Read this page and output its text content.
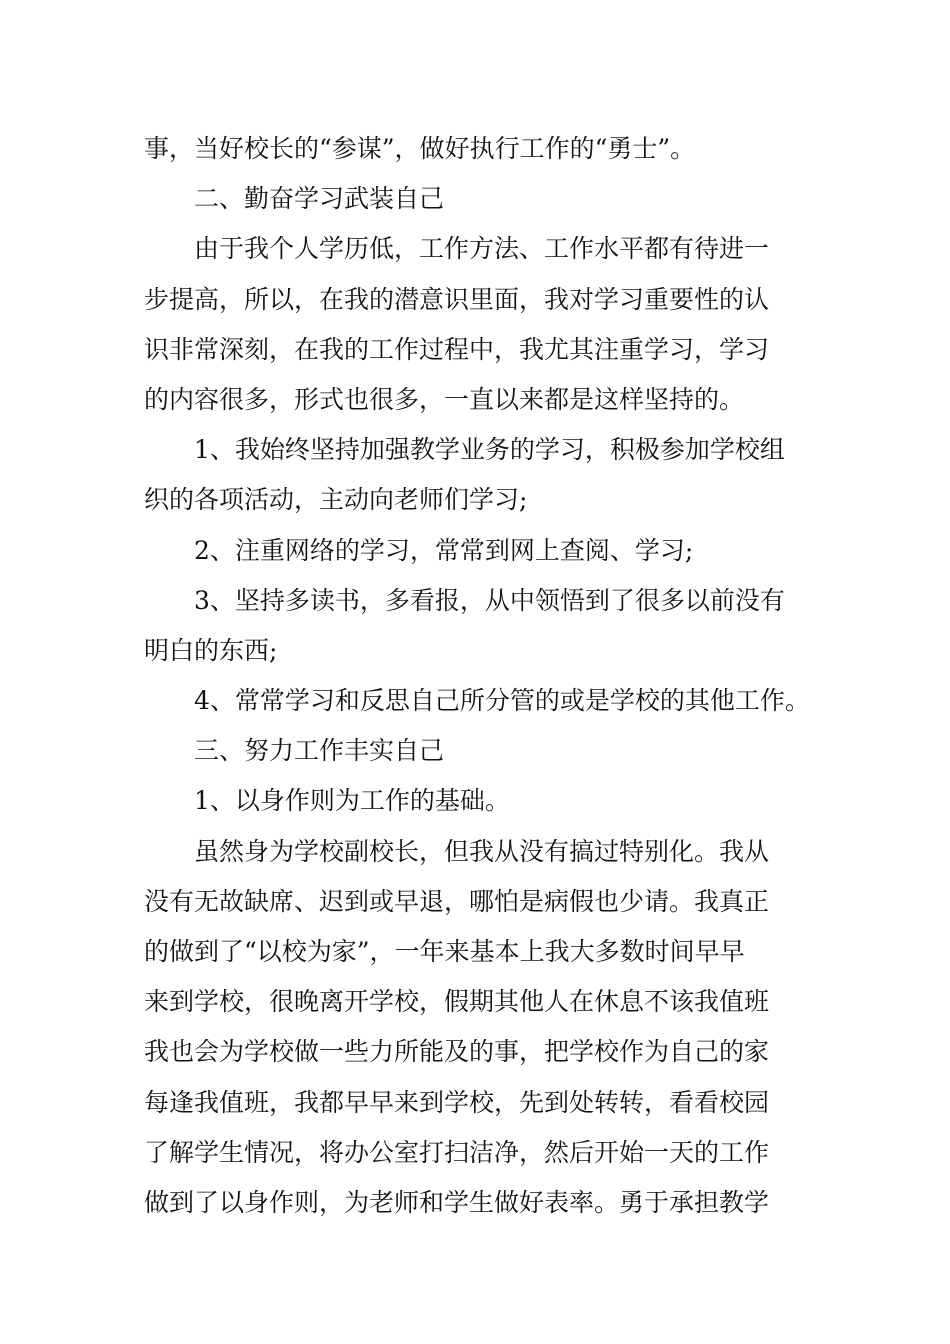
事，当好校长的“参谋”，做好执行工作的“勇士”。
二、勤奋学习武装自己
由于我个人学历低，工作方法、工作水平都有待进一
步提高，所以，在我的潜意识里面，我对学习重要性的认
识非常深刻，在我的工作过程中，我尤其注重学习，学习
的内容很多，形式也很多，一直以来都是这样坚持的。
1、我始终坚持加强教学业务的学习，积极参加学校组
织的各项活动，主动向老师们学习;
2、注重网络的学习，常常到网上查阅、学习;
3、坚持多读书，多看报，从中领悟到了很多以前没有
明白的东西;
4、常常学习和反思自己所分管的或是学校的其他工作。
三、努力工作丰实自己
1、以身作则为工作的基础。
虽然身为学校副校长，但我从没有搞过特别化。我从
没有无故缺席、迟到或早退，哪怕是病假也少请。我真正
的做到了“以校为家”，一年来基本上我大多数时间早早
来到学校，很晚离开学校，假期其他人在休息不该我值班
我也会为学校做一些力所能及的事，把学校作为自己的家
每逢我值班，我都早早来到学校，先到处转转，看看校园
了解学生情况，将办公室打扫洁净，然后开始一天的工作
做到了以身作则，为老师和学生做好表率。勇于承担教学
